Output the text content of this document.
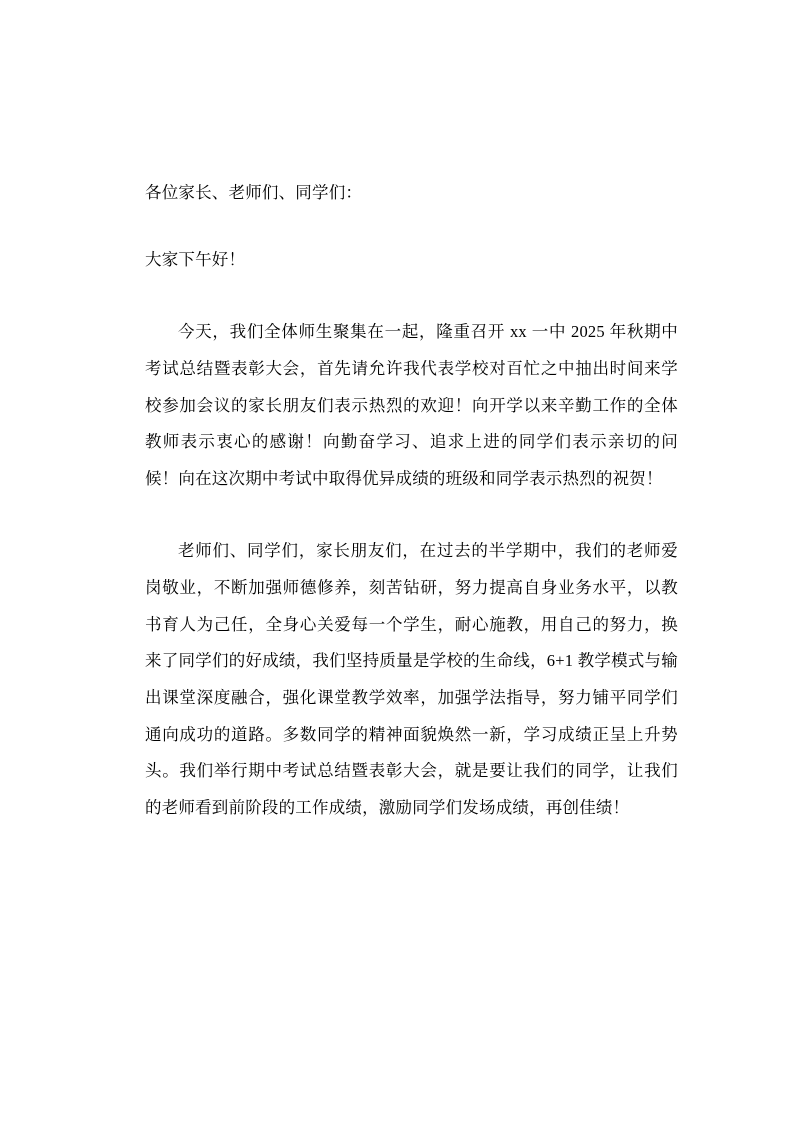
各位家长、老师们、同学们：

大家下午好！

今天，我们全体师生聚集在一起，隆重召开 xx 一中 2025 年秋期中考试总结暨表彰大会，首先请允许我代表学校对百忙之中抽出时间来学校参加会议的家长朋友们表示热烈的欢迎！向开学以来辛勤工作的全体教师表示衷心的感谢！向勤奋学习、追求上进的同学们表示亲切的问候！向在这次期中考试中取得优异成绩的班级和同学表示热烈的祝贺！

老师们、同学们，家长朋友们，在过去的半学期中，我们的老师爱岗敬业，不断加强师德修养，刻苦钻研，努力提高自身业务水平，以教书育人为己任，全身心关爱每一个学生，耐心施教，用自己的努力，换来了同学们的好成绩，我们坚持质量是学校的生命线，6+1 教学模式与输出课堂深度融合，强化课堂教学效率，加强学法指导，努力铺平同学们通向成功的道路。多数同学的精神面貌焕然一新，学习成绩正呈上升势头。我们举行期中考试总结暨表彰大会，就是要让我们的同学，让我们的老师看到前阶段的工作成绩，激励同学们发场成绩，再创佳绩！
